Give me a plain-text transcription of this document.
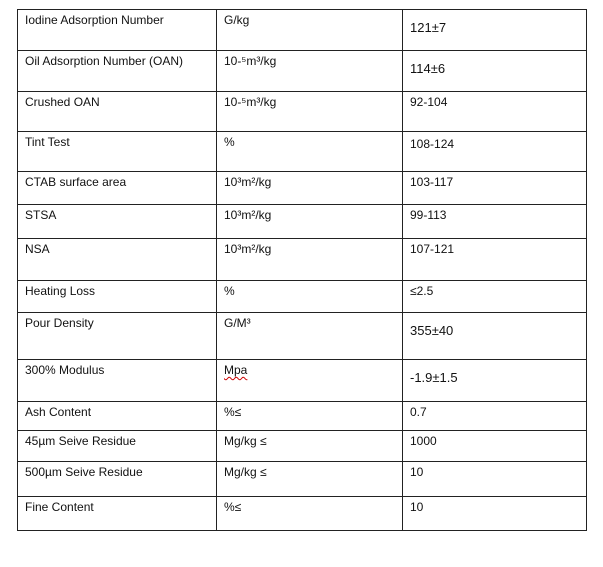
Iodine Adsorption Number	G/kg	121±7
Oil Adsorption Number (OAN)	10-⁵m³/kg	114±6
Crushed OAN	10-⁵m³/kg	92-104
Tint Test	%	108-124
CTAB surface area	10³m²/kg	103-117
STSA	10³m²/kg	99-113
NSA	10³m²/kg	107-121
Heating Loss	%	≤2.5
Pour Density	G/M³	355±40
300% Modulus	Mpa	-1.9±1.5
Ash Content	%≤	0.7
45µm Seive Residue	Mg/kg ≤	1000
500µm Seive Residue	Mg/kg ≤	10
Fine Content	%≤	10
